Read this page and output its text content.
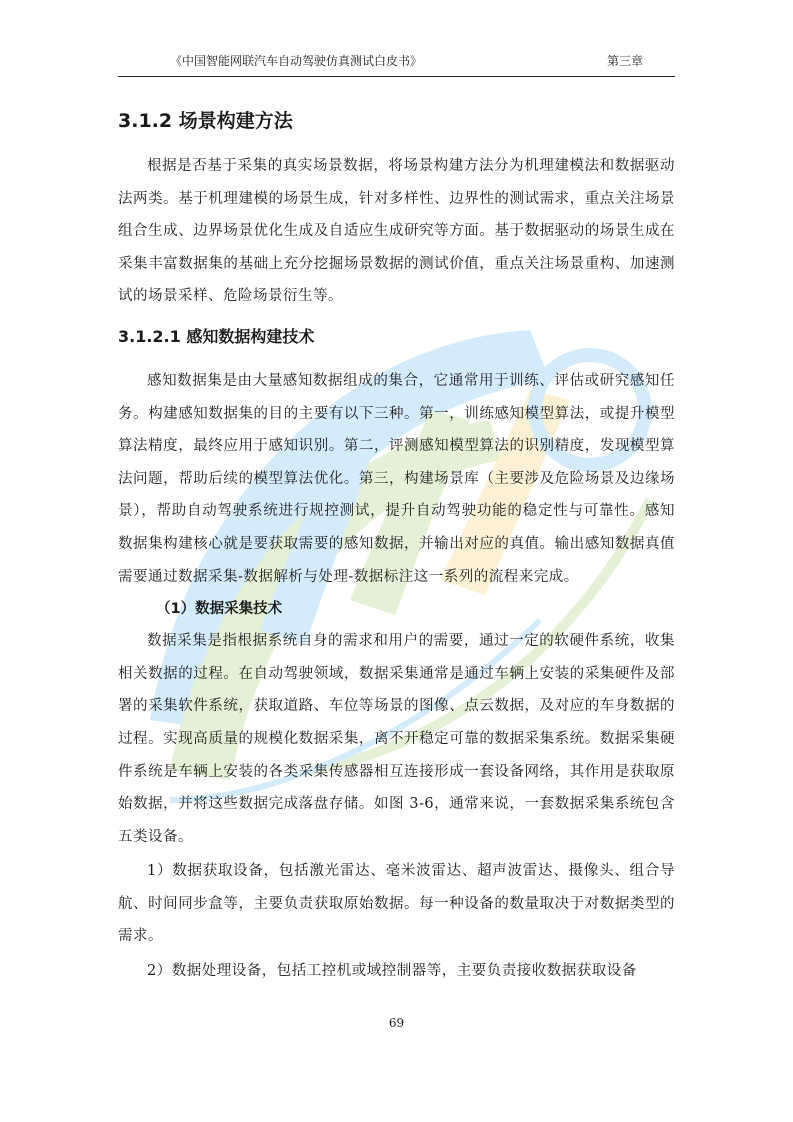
《中国智能网联汽车自动驾驶仿真测试白皮书》	第三章
3.1.2 场景构建方法

根据是否基于采集的真实场景数据，将场景构建方法分为机理建模法和数据驱动法两类。基于机理建模的场景生成，针对多样性、边界性的测试需求，重点关注场景组合生成、边界场景优化生成及自适应生成研究等方面。基于数据驱动的场景生成在采集丰富数据集的基础上充分挖掘场景数据的测试价值，重点关注场景重构、加速测试的场景采样、危险场景衍生等。

3.1.2.1 感知数据构建技术

感知数据集是由大量感知数据组成的集合，它通常用于训练、评估或研究感知任务。构建感知数据集的目的主要有以下三种。第一，训练感知模型算法，或提升模型算法精度，最终应用于感知识别。第二，评测感知模型算法的识别精度，发现模型算法问题，帮助后续的模型算法优化。第三，构建场景库（主要涉及危险场景及边缘场景），帮助自动驾驶系统进行规控测试，提升自动驾驶功能的稳定性与可靠性。感知数据集构建核心就是要获取需要的感知数据，并输出对应的真值。输出感知数据真值需要通过数据采集-数据解析与处理-数据标注这一系列的流程来完成。

（1）数据采集技术

数据采集是指根据系统自身的需求和用户的需要，通过一定的软硬件系统，收集相关数据的过程。在自动驾驶领域，数据采集通常是通过车辆上安装的采集硬件及部署的采集软件系统，获取道路、车位等场景的图像、点云数据，及对应的车身数据的过程。实现高质量的规模化数据采集，离不开稳定可靠的数据采集系统。数据采集硬件系统是车辆上安装的各类采集传感器相互连接形成一套设备网络，其作用是获取原始数据，并将这些数据完成落盘存储。如图 3-6，通常来说，一套数据采集系统包含五类设备。

1）数据获取设备，包括激光雷达、毫米波雷达、超声波雷达、摄像头、组合导航、时间同步盒等，主要负责获取原始数据。每一种设备的数量取决于对数据类型的需求。

2）数据处理设备，包括工控机或域控制器等，主要负责接收数据获取设备

69
